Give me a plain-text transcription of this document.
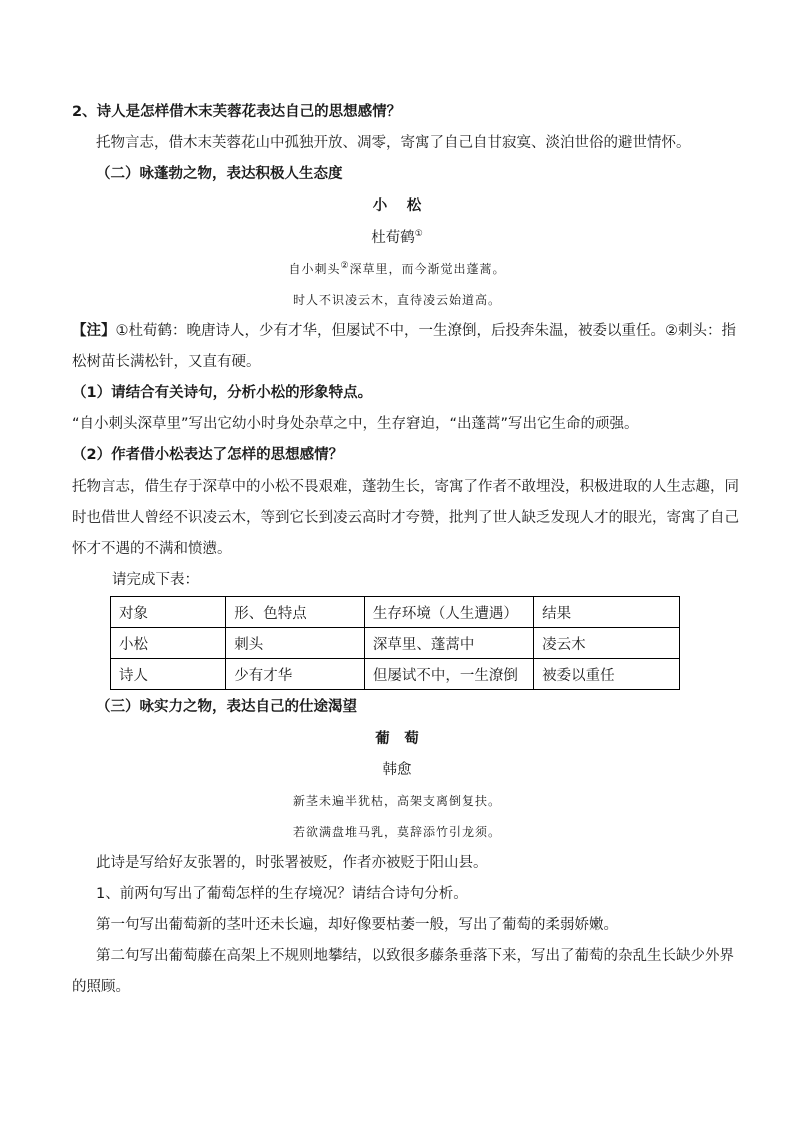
2、诗人是怎样借木末芙蓉花表达自己的思想感情？
托物言志，借木末芙蓉花山中孤独开放、凋零，寄寓了自己自甘寂寞、淡泊世俗的避世情怀。
（二）咏蓬勃之物，表达积极人生态度
小　 松
杜荀鹤①
自小刺头②深草里，而今渐觉出蓬蒿。
时人不识凌云木，直待凌云始道高。
【注】①杜荀鹤：晚唐诗人，少有才华，但屡试不中，一生潦倒，后投奔朱温，被委以重任。②刺头：指
松树苗长满松针，又直有硬。
（1）请结合有关诗句，分析小松的形象特点。
“自小刺头深草里”写出它幼小时身处杂草之中，生存窘迫，“出蓬蒿”写出它生命的顽强。
（2）作者借小松表达了怎样的思想感情？
托物言志，借生存于深草中的小松不畏艰难，蓬勃生长，寄寓了作者不敢埋没，积极进取的人生志趣，同
时也借世人曾经不识凌云木，等到它长到凌云高时才夸赞，批判了世人缺乏发现人才的眼光，寄寓了自己
怀才不遇的不满和愤懑。
请完成下表：
对象	形、色特点	生存环境（人生遭遇）	结果
小松	刺头	深草里、蓬蒿中	凌云木
诗人	少有才华	但屡试不中，一生潦倒	被委以重任
（三）咏实力之物，表达自己的仕途渴望
葡　萄
韩愈
新茎未遍半犹枯，高架支离倒复扶。
若欲满盘堆马乳，莫辞添竹引龙须。
此诗是写给好友张署的，时张署被贬，作者亦被贬于阳山县。
1、前两句写出了葡萄怎样的生存境况？请结合诗句分析。
第一句写出葡萄新的茎叶还未长遍，却好像要枯萎一般，写出了葡萄的柔弱娇嫩。
第二句写出葡萄藤在高架上不规则地攀结，以致很多藤条垂落下来，写出了葡萄的杂乱生长缺少外界
的照顾。
